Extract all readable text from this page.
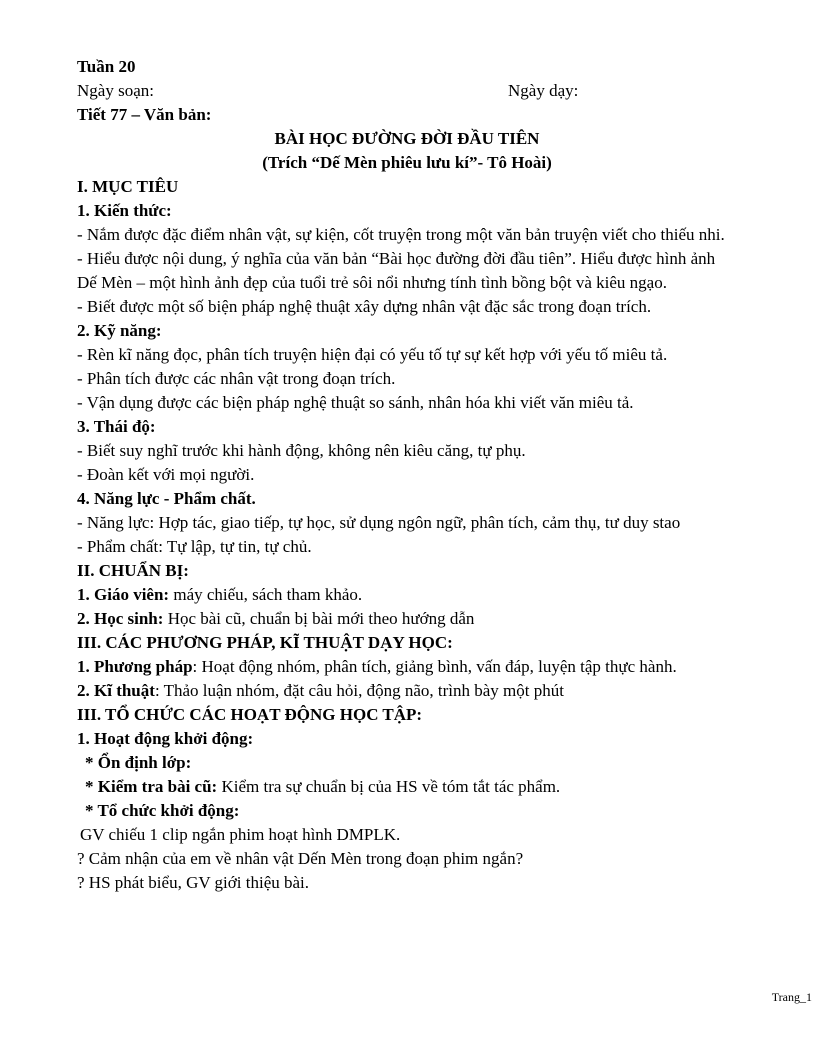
Tuần 20
Ngày soạn:	Ngày dạy:
Tiết 77 – Văn bản:
BÀI HỌC ĐƯỜNG ĐỜI ĐẦU TIÊN
(Trích “Dế Mèn phiêu lưu kí”- Tô Hoài)
I. MỤC TIÊU
1. Kiến thức:
- Nắm được đặc điểm nhân vật, sự kiện, cốt truyện trong một văn bản truyện viết cho thiếu nhi.
- Hiểu được nội dung, ý nghĩa của văn bản “Bài học đường đời đầu tiên”. Hiểu được hình ảnh Dế Mèn – một hình ảnh đẹp của tuổi trẻ sôi nổi nhưng tính tình bồng bột và kiêu ngạo.
- Biết được một số biện pháp nghệ thuật xây dựng nhân vật đặc sắc trong đoạn trích.
2. Kỹ năng:
- Rèn kĩ năng đọc, phân tích truyện hiện đại có yếu tố tự sự kết hợp với yếu tố miêu tả.
- Phân tích được các nhân vật trong đoạn trích.
- Vận dụng được các biện pháp nghệ thuật so sánh, nhân hóa khi viết văn miêu tả.
3. Thái độ:
- Biết suy nghĩ trước khi hành động, không nên kiêu căng, tự phụ.
- Đoàn kết với mọi người.
4. Năng lực - Phẩm chất.
- Năng lực: Hợp tác, giao tiếp, tự học, sử dụng ngôn ngữ, phân tích, cảm thụ, tư duy stao
- Phẩm chất: Tự lập, tự tin, tự chủ.
II. CHUẨN BỊ:
1. Giáo viên: máy chiếu, sách tham khảo.
2. Học sinh: Học bài cũ, chuẩn bị bài mới theo hướng dẫn
III. CÁC PHƯƠNG PHÁP, KĨ THUẬT DẠY HỌC:
1. Phương pháp: Hoạt động nhóm, phân tích, giảng bình, vấn đáp, luyện tập thực hành.
2. Kĩ thuật: Thảo luận nhóm, đặt câu hỏi, động não, trình bày một phút
III. TỔ CHỨC CÁC HOẠT ĐỘNG HỌC TẬP:
1. Hoạt động khởi động:
* Ổn định lớp:
* Kiểm tra bài cũ: Kiểm tra sự chuẩn bị của HS về tóm tắt tác phẩm.
* Tổ chức khởi động:
GV chiếu 1 clip ngắn phim hoạt hình DMPLK.
? Cảm nhận của em về nhân vật Dến Mèn trong đoạn phim ngắn?
? HS phát biểu, GV giới thiệu bài.
Trang_1
